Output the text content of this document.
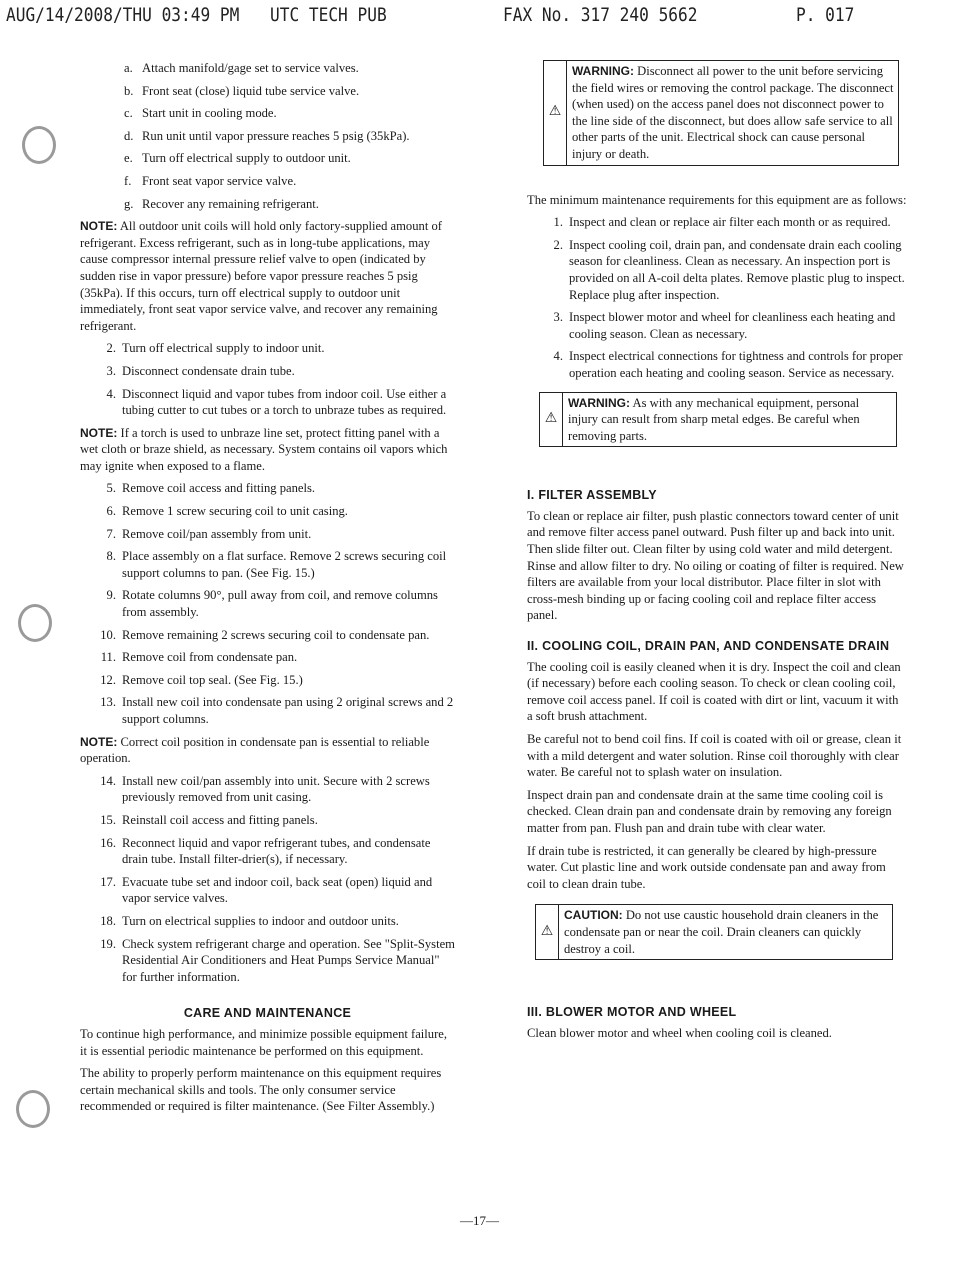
AUG/14/2008/THU 03:49 PM UTC TECH PUB	FAX No. 317 240 5662	P. 017
a. Attach manifold/gage set to service valves.
b. Front seat (close) liquid tube service valve.
c. Start unit in cooling mode.
d. Run unit until vapor pressure reaches 5 psig (35kPa).
e. Turn off electrical supply to outdoor unit.
f. Front seat vapor service valve.
g. Recover any remaining refrigerant.

NOTE: All outdoor unit coils will hold only factory-supplied amount of refrigerant. Excess refrigerant, such as in long-tube applications, may cause compressor internal pressure relief valve to open (indicated by sudden rise in vapor pressure) before vapor pressure reaches 5 psig (35kPa). If this occurs, turn off electrical supply to outdoor unit immediately, front seat vapor service valve, and recover any remaining refrigerant.

2. Turn off electrical supply to indoor unit.
3. Disconnect condensate drain tube.
4. Disconnect liquid and vapor tubes from indoor coil. Use either a tubing cutter to cut tubes or a torch to unbraze tubes as required.

NOTE: If a torch is used to unbraze line set, protect fitting panel with a wet cloth or braze shield, as necessary. System contains oil vapors which may ignite when exposed to a flame.

5. Remove coil access and fitting panels.
6. Remove 1 screw securing coil to unit casing.
7. Remove coil/pan assembly from unit.
8. Place assembly on a flat surface. Remove 2 screws securing coil support columns to pan. (See Fig. 15.)
9. Rotate columns 90°, pull away from coil, and remove columns from assembly.
10. Remove remaining 2 screws securing coil to condensate pan.
11. Remove coil from condensate pan.
12. Remove coil top seal. (See Fig. 15.)
13. Install new coil into condensate pan using 2 original screws and 2 support columns.

NOTE: Correct coil position in condensate pan is essential to reliable operation.

14. Install new coil/pan assembly into unit. Secure with 2 screws previously removed from unit casing.
15. Reinstall coil access and fitting panels.
16. Reconnect liquid and vapor refrigerant tubes, and condensate drain tube. Install filter-drier(s), if necessary.
17. Evacuate tube set and indoor coil, back seat (open) liquid and vapor service valves.
18. Turn on electrical supplies to indoor and outdoor units.
19. Check system refrigerant charge and operation. See "Split-System Residential Air Conditioners and Heat Pumps Service Manual" for further information.
CARE AND MAINTENANCE

To continue high performance, and minimize possible equipment failure, it is essential periodic maintenance be performed on this equipment.

The ability to properly perform maintenance on this equipment requires certain mechanical skills and tools. The only consumer service recommended or required is filter maintenance. (See Filter Assembly.)

⚠
WARNING: Disconnect all power to the unit before servicing the field wires or removing the control package. The disconnect (when used) on the access panel does not disconnect power to the line side of the disconnect, but does allow safe service to all other parts of the unit. Electrical shock can cause personal injury or death.

The minimum maintenance requirements for this equipment are as follows:

1. Inspect and clean or replace air filter each month or as required.
2. Inspect cooling coil, drain pan, and condensate drain each cooling season for cleanliness. Clean as necessary. An inspection port is provided on all A-coil delta plates. Remove plastic plug to inspect. Replace plug after inspection.
3. Inspect blower motor and wheel for cleanliness each heating and cooling season. Clean as necessary.
4. Inspect electrical connections for tightness and controls for proper operation each heating and cooling season. Service as necessary.
⚠
WARNING: As with any mechanical equipment, personal injury can result from sharp metal edges. Be careful when removing parts.
I. FILTER ASSEMBLY

To clean or replace air filter, push plastic connectors toward center of unit and remove filter access panel outward. Push filter up and back into unit. Then slide filter out. Clean filter by using cold water and mild detergent. Rinse and allow filter to dry. No oiling or coating of filter is required. New filters are available from your local distributor. Place filter in slot with cross-mesh binding up or facing cooling coil and replace filter access panel.

II. COOLING COIL, DRAIN PAN, AND CONDENSATE DRAIN

The cooling coil is easily cleaned when it is dry. Inspect the coil and clean (if necessary) before each cooling season. To check or clean cooling coil, remove coil access panel. If coil is coated with dirt or lint, vacuum it with a soft brush attachment.

Be careful not to bend coil fins. If coil is coated with oil or grease, clean it with a mild detergent and water solution. Rinse coil thoroughly with clear water. Be careful not to splash water on insulation.

Inspect drain pan and condensate drain at the same time cooling coil is checked. Clean drain pan and condensate drain by removing any foreign matter from pan. Flush pan and drain tube with clear water.

If drain tube is restricted, it can generally be cleared by high-pressure water. Cut plastic line and work outside condensate pan and away from coil to clean drain tube.

⚠
CAUTION: Do not use caustic household drain cleaners in the condensate pan or near the coil. Drain cleaners can quickly destroy a coil.
III. BLOWER MOTOR AND WHEEL

Clean blower motor and wheel when cooling coil is cleaned.

—17—
